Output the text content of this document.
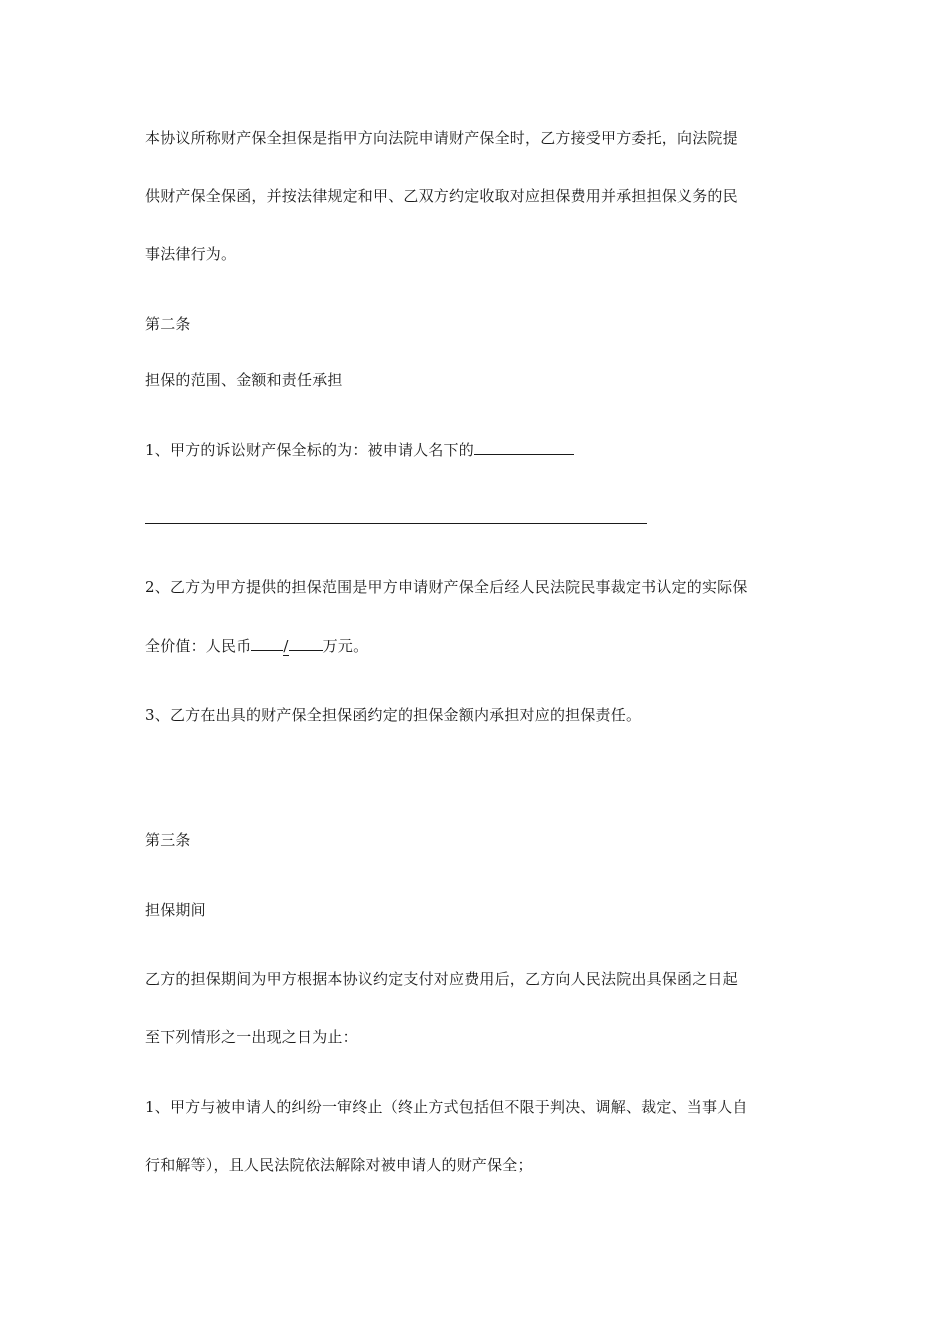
本协议所称财产保全担保是指甲方向法院申请财产保全时，乙方接受甲方委托，向法院提
供财产保全保函，并按法律规定和甲、乙双方约定收取对应担保费用并承担担保义务的民
事法律行为。
第二条
担保的范围、金额和责任承担
1、甲方的诉讼财产保全标的为：被申请人名下的
2、乙方为甲方提供的担保范围是甲方申请财产保全后经人民法院民事裁定书认定的实际保
全价值：人民币 / 万元。
3、乙方在出具的财产保全担保函约定的担保金额内承担对应的担保责任。
第三条
担保期间
乙方的担保期间为甲方根据本协议约定支付对应费用后，乙方向人民法院出具保函之日起
至下列情形之一出现之日为止：
1、甲方与被申请人的纠纷一审终止（终止方式包括但不限于判决、调解、裁定、当事人自
行和解等），且人民法院依法解除对被申请人的财产保全；
